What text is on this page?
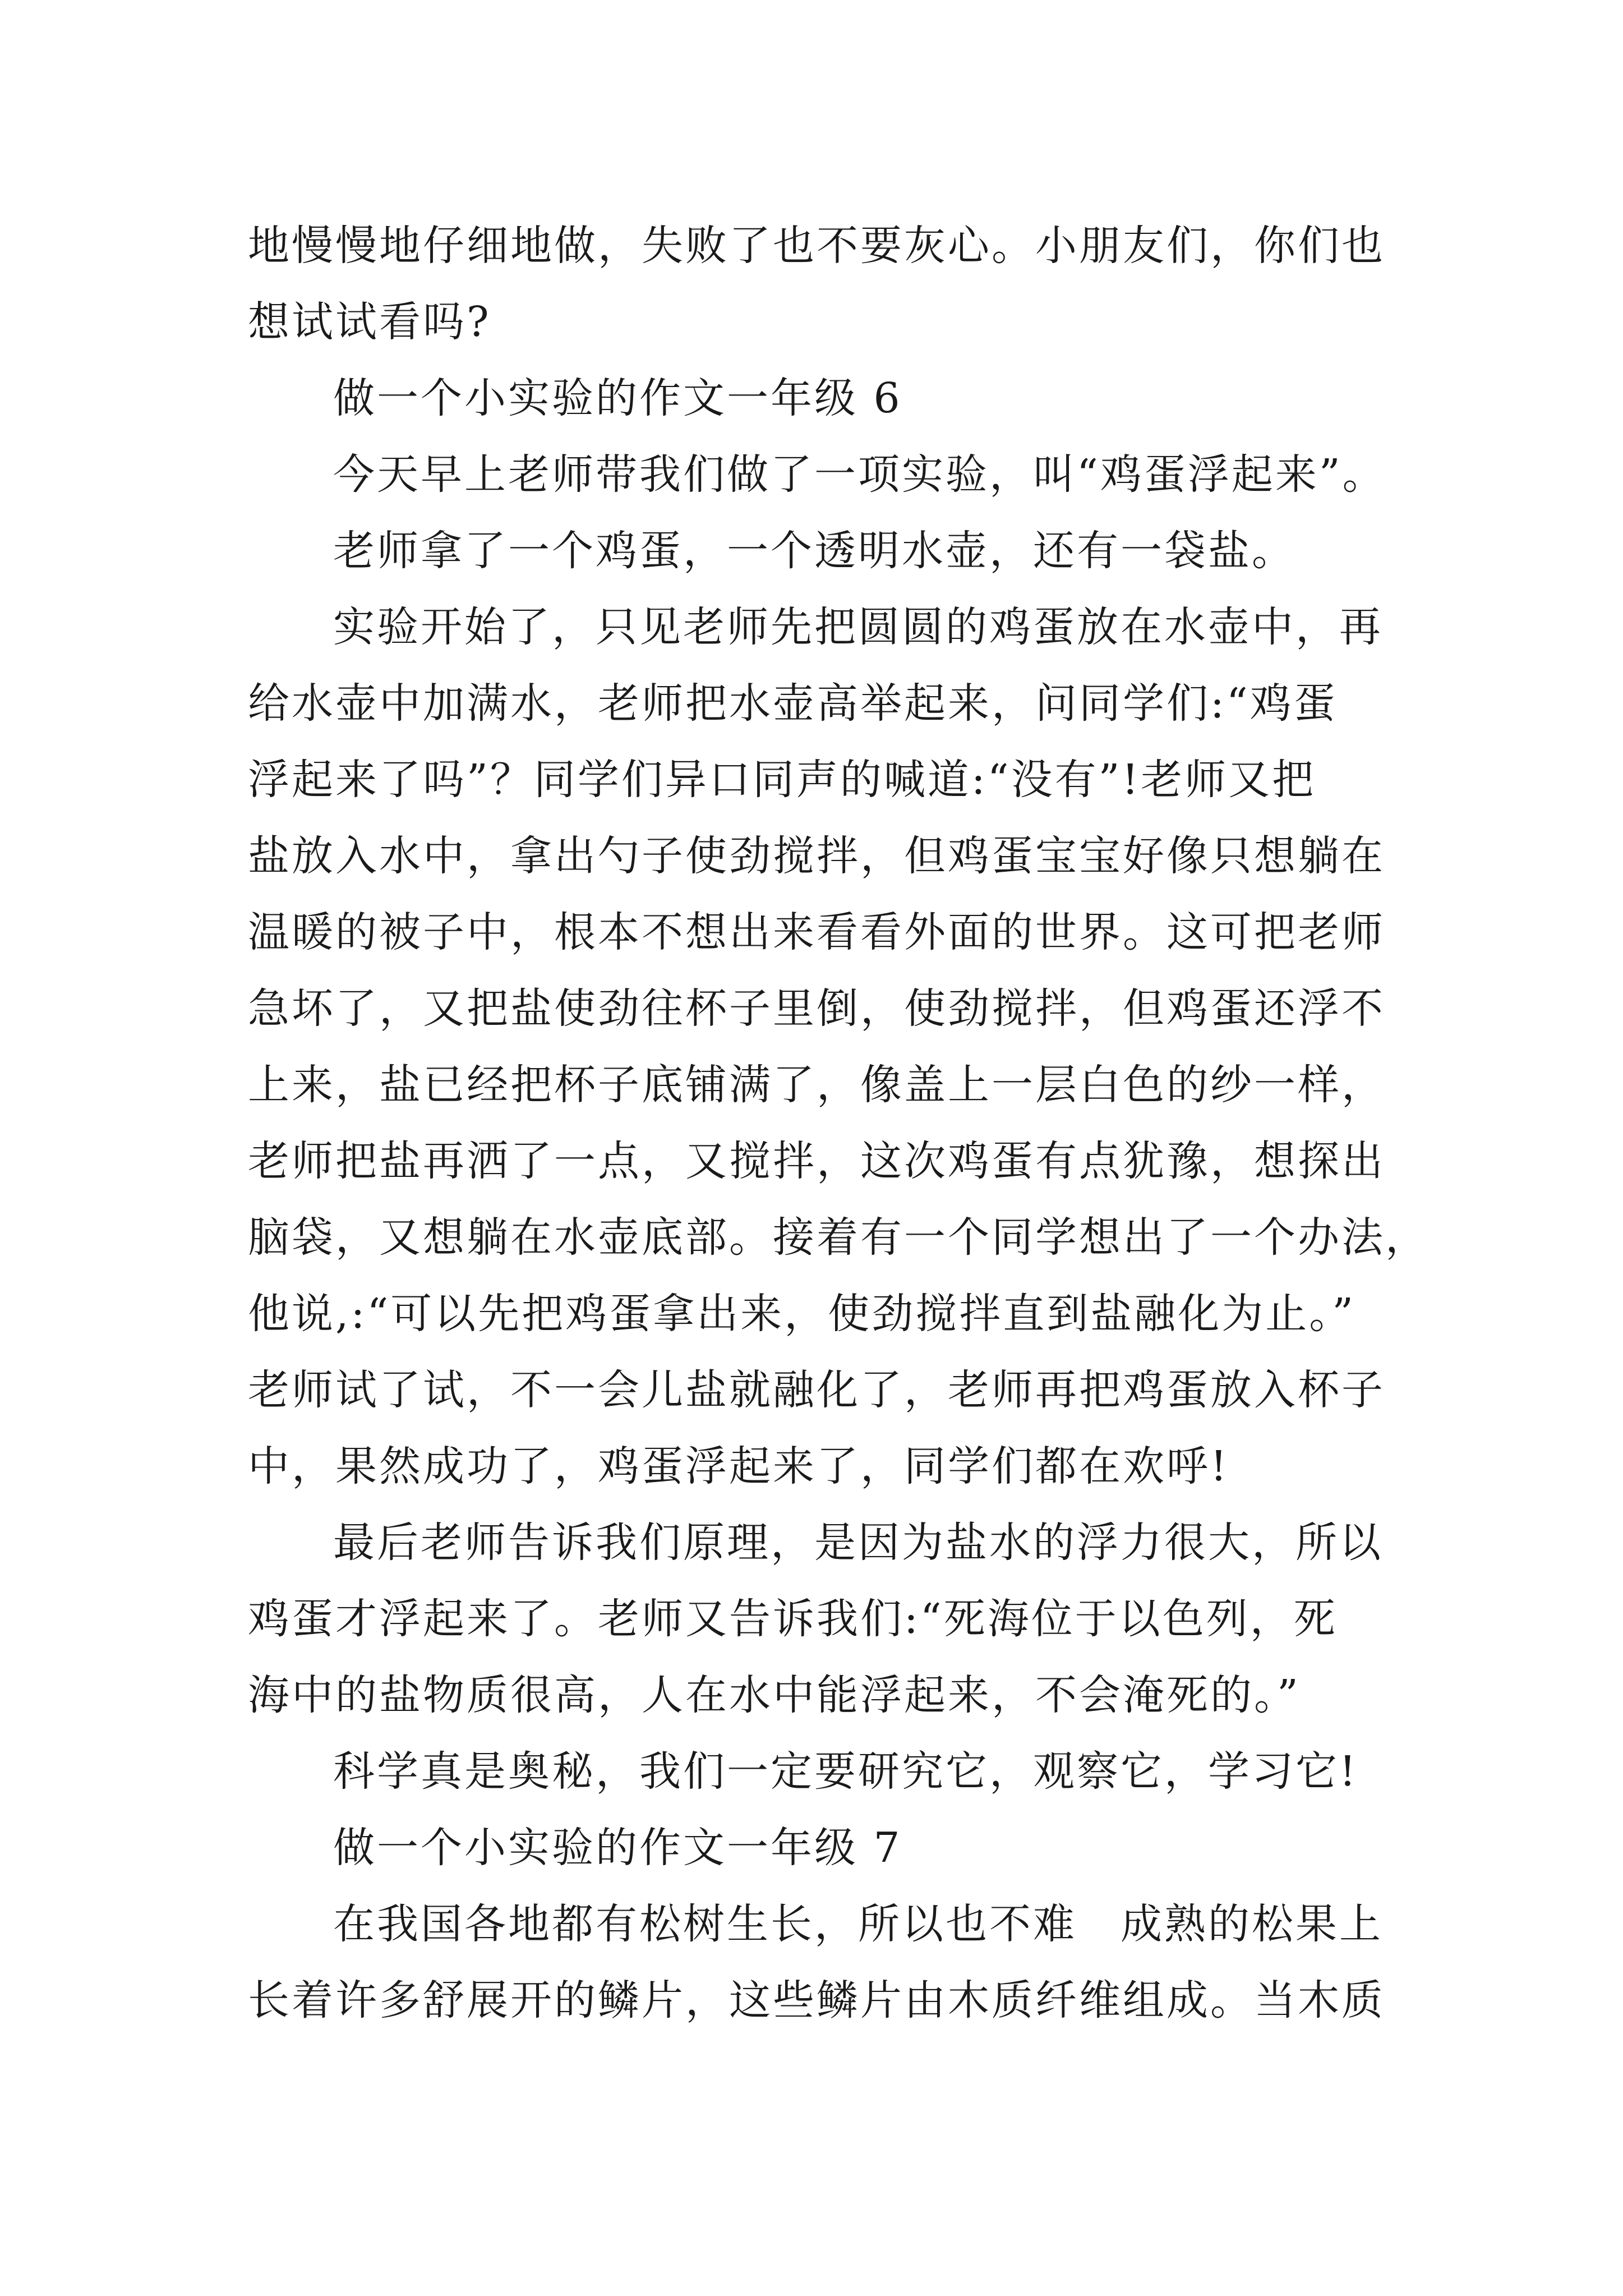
地慢慢地仔细地做，失败了也不要灰心。小朋友们，你们也
想试试看吗?
做一个小实验的作文一年级 6
今天早上老师带我们做了一项实验，叫“鸡蛋浮起来”。
老师拿了一个鸡蛋，一个透明水壶，还有一袋盐。
实验开始了，只见老师先把圆圆的鸡蛋放在水壶中，再
给水壶中加满水，老师把水壶高举起来，问同学们:“鸡蛋
浮起来了吗”？同学们异口同声的喊道:“没有”!老师又把
盐放入水中，拿出勺子使劲搅拌，但鸡蛋宝宝好像只想躺在
温暖的被子中，根本不想出来看看外面的世界。这可把老师
急坏了，又把盐使劲往杯子里倒，使劲搅拌，但鸡蛋还浮不
上来，盐已经把杯子底铺满了，像盖上一层白色的纱一样，
老师把盐再洒了一点，又搅拌，这次鸡蛋有点犹豫，想探出
脑袋，又想躺在水壶底部。接着有一个同学想出了一个办法，
他说,:“可以先把鸡蛋拿出来，使劲搅拌直到盐融化为止。”
老师试了试，不一会儿盐就融化了，老师再把鸡蛋放入杯子
中，果然成功了，鸡蛋浮起来了，同学们都在欢呼!
最后老师告诉我们原理，是因为盐水的浮力很大，所以
鸡蛋才浮起来了。老师又告诉我们:“死海位于以色列，死
海中的盐物质很高，人在水中能浮起来，不会淹死的。”
科学真是奥秘，我们一定要研究它，观察它，学习它!
做一个小实验的作文一年级 7
在我国各地都有松树生长，所以也不难　成熟的松果上
长着许多舒展开的鳞片，这些鳞片由木质纤维组成。当木质
